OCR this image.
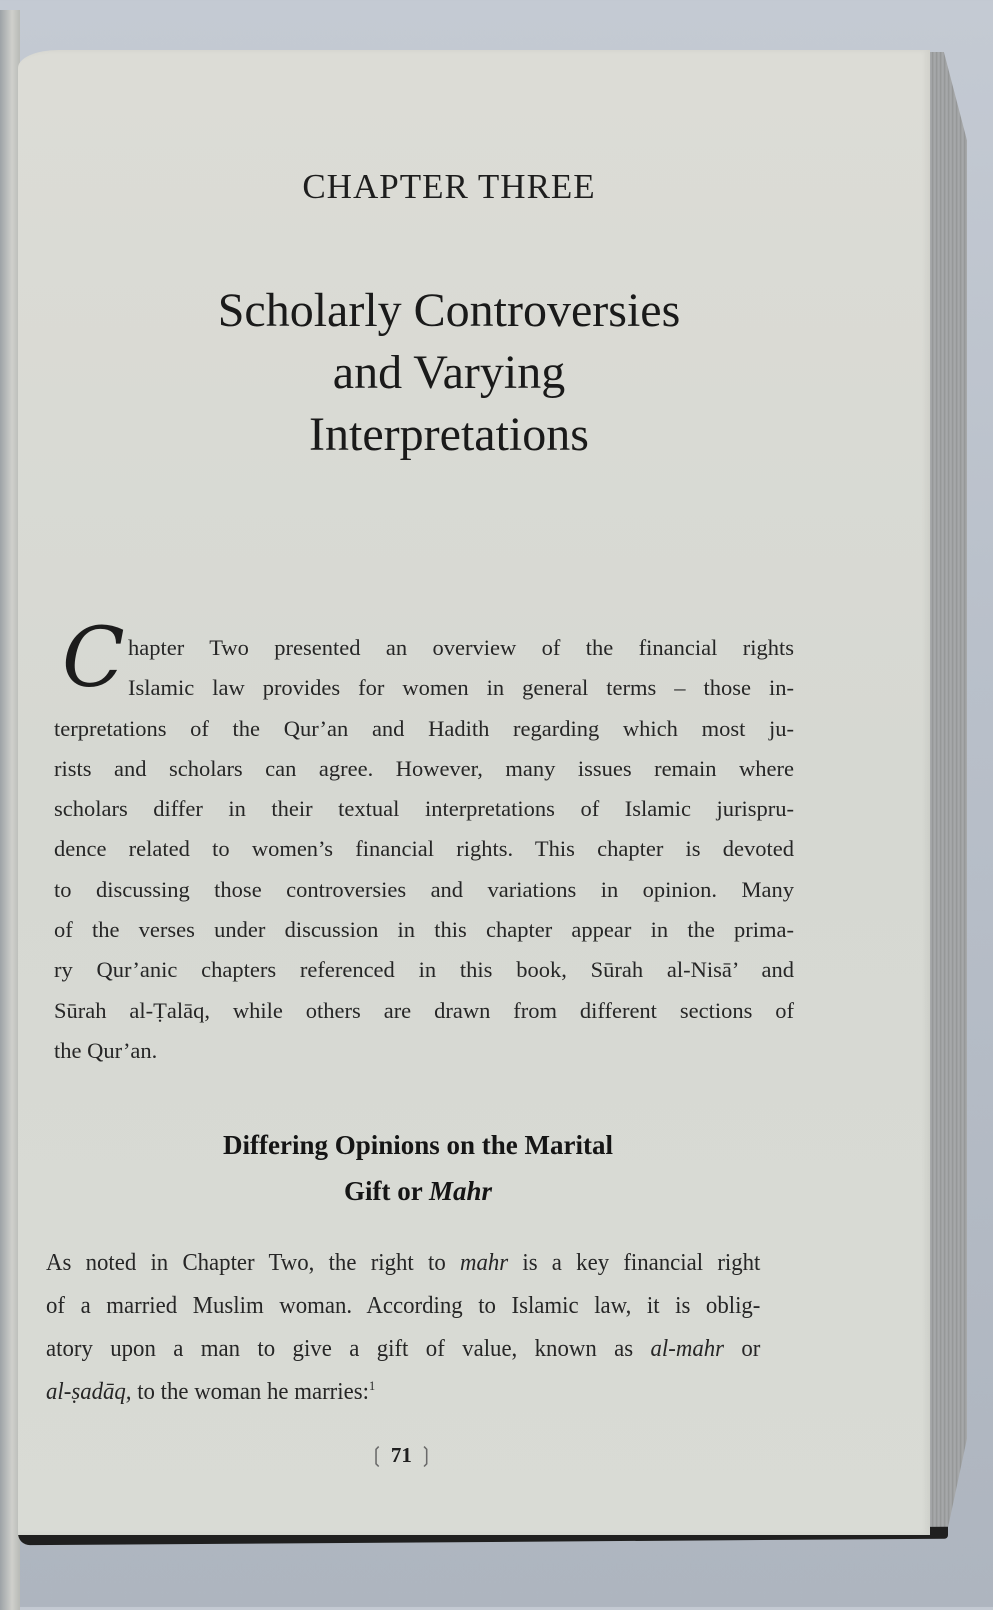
CHAPTER THREE
Scholarly Controversies
and Varying
Interpretations
C hapter Two presented an overview of the financial rights
Islamic law provides for women in general terms – those in-
terpretations of the Qur’an and Hadith regarding which most ju-
rists and scholars can agree. However, many issues remain where
scholars differ in their textual interpretations of Islamic jurispru-
dence related to women’s financial rights. This chapter is devoted
to discussing those controversies and variations in opinion. Many
of the verses under discussion in this chapter appear in the prima-
ry Qur’anic chapters referenced in this book, Sūrah al-Nisā’ and
Sūrah al-Ṭalāq, while others are drawn from different sections of
the Qur’an.
Differing Opinions on the Marital
Gift or Mahr
As noted in Chapter Two, the right to mahr is a key financial right
of a married Muslim woman. According to Islamic law, it is oblig-
atory upon a man to give a gift of value, known as al-mahr or
al-ṣadāq, to the woman he marries:$^1$
❲ 71 ❳
